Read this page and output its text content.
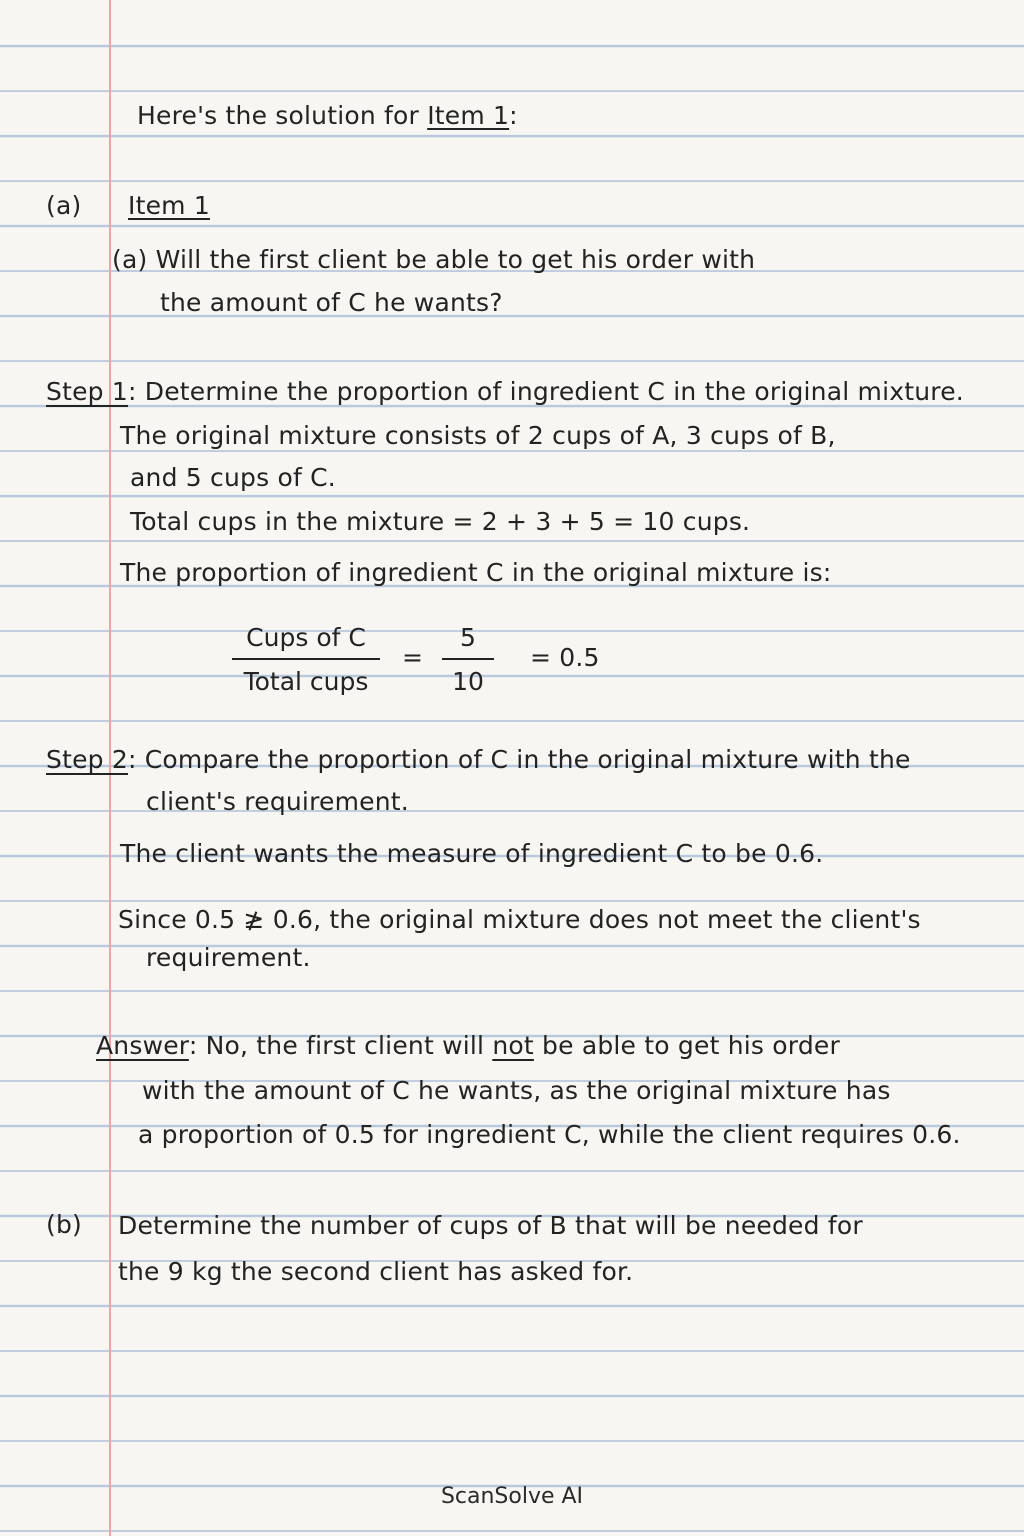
Here's the solution for Item 1:
(a) Item 1
(a) Will the first client be able to get his order with
the amount of C he wants?
Step 1: Determine the proportion of ingredient C in the original mixture.
The original mixture consists of 2 cups of A, 3 cups of B,
and 5 cups of C.
Total cups in the mixture = 2 + 3 + 5 = 10 cups.
The proportion of ingredient C in the original mixture is:
Cups of C
Total cups
=
5
10
= 0.5
Step 2: Compare the proportion of C in the original mixture with the
client's requirement.
The client wants the measure of ingredient C to be 0.6.
Since 0.5 ≱ 0.6, the original mixture does not meet the client's
requirement.
Answer: No, the first client will not be able to get his order
with the amount of C he wants, as the original mixture has
a proportion of 0.5 for ingredient C, while the client requires 0.6.
(b) Determine the number of cups of B that will be needed for
the 9 kg the second client has asked for.
ScanSolve AI
